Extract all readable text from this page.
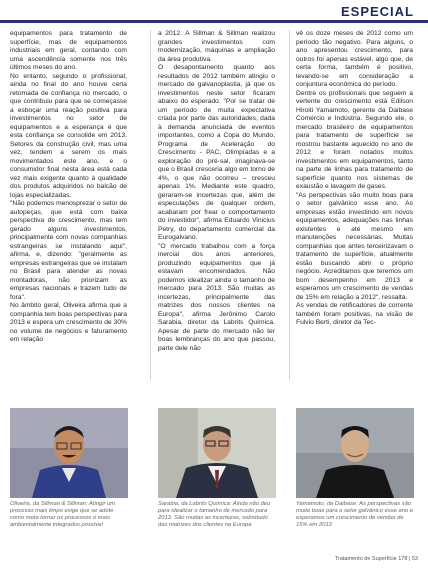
ESPECIAL

equipamentos para tratamento de superfície, mas de equipamentos industriais em geral, contando com uma ascendência somente nos três últimos meses do ano.

No entanto, segundo o profissional, ainda no final do ano houve certa retomada de confiança no mercado, o que contribuiu para que se começasse a esboçar uma reação positiva para investimentos no setor de equipamentos e a esperança é que esta confiança se consolide em 2013. Setores da construção civil, mas uma vez, tendem a serem os mais movimentados este ano, e o consumidor final nesta área está cada vez mais exigente quanto à qualidade dos produtos adquiridos no balcão de lojas especializadas.

"Não podemos menosprezar o setor de autopeças, que está com baixa perspectiva de crescimento, mas tem gerado alguns investimentos, principalmente com novas companhias estrangeiras se instalando aqui", afirma, e, dizendo: "geralmente as empresas estrangeiras que se instalam no Brasil para atender as novas montadoras, não priorizam as empresas nacionais e trazem tudo de fora".

No âmbito geral, Oliveira afirma que a companhia tem boas perspectivas para 2013 e espera um crescimento de 30% no volume de negócios e faturamento em relação

a 2012. A Sillman & Sillman realizou grandes investimentos com modernização, máquinas e ampliação da área produtiva.

O desapontamento quanto aos resultados de 2012 também atingiu o mercado de galvanoplastia, já que os investimentos neste setor ficaram abaixo do esperado. "Por se tratar de um período de muita expectativa criada por parte das autoridades, dada à demanda anunciada de eventos importantes, como a Copa do Mundo, Programa de Aceleração do Crescimento - PAC, Olimpíadas e a exploração do pré-sal, imaginava-se que o Brasil cresceria algo em torno de 4%, o que não ocorreu – cresceu apenas 1%. Mediante este quadro, geraram-se incertezas que, além de especulações de qualquer ordem, acabaram por frear o comportamento do investidor", afirma Eduardo Vinicius Petry, do departamento comercial da Eurogalvano.

"O mercado trabalhou com a força inercial dos anos anteriores, produzindo equipamentos que já estavam encomendados. Não podemos idealizar ainda o tamanho de mercado para 2013. São muitas as incertezas, principalmente das matrizes dos nossos clientes na Europa", afirma Jerônimo Carolo Sarabia, diretor da Labrits Química. Apesar de parte do mercado não ter boas lembranças do ano que passou, parte dele não

vê os doze meses de 2012 como um período tão negativo. Para alguns, o ano apresentou crescimento, para outros foi apenas estável, algo que, de certa forma, também é positivo, levando-se em consideração a conjuntura econômica do período.

Dentre os profissionais que seguem a vertente do crescimento está Edilson Hiroiti Yamamoto, gerente da Daibase Comércio e Indústria. Segundo ele, o mercado brasileiro de equipamentos para tratamento de superfície se mostrou bastante aquecido no ano de 2012 e foram notados muitos investimentos em equipamentos, tanto na parte de linhas para tratamento de superfície quanto nos sistemas de exaustão e lavagem de gases.

"As perspectivas são muito boas para o setor galvânico esse ano. As empresas estão investindo em novos equipamentos, adequações nas linhas existentes e até mesmo em manutenções necessárias. Muitas companhias que antes terceirizavam o tratamento de superfície, atualmente estão buscando abrir o próprio negócio. Acreditamos que teremos um bom desempenho em 2013 e esperamos um crescimento de vendas de 15% em relação a 2012", ressalta.

As vendas de retificadores de corrente também foram positivas, na visão de Fulvio Berti, diretor da Tec-

Oliveira, da Sillman & Sillman: Atingir um processo mais limpo exige que se adote como meta tornar os processos o mais ambientalmente integrados possível
Sarabia, da Labrits Química: Ainda não deu para idealizar o tamanho de mercado para 2013. São muitas as incertezas, sobretudo das matrizes dos clientes na Europa
Yamamoto, da Daibase: As perspectivas são muito boas para o setor galvânico esse ano e esperamos um crescimento de vendas de 15% em 2013
Tratamento de Superfície 178 | 53
